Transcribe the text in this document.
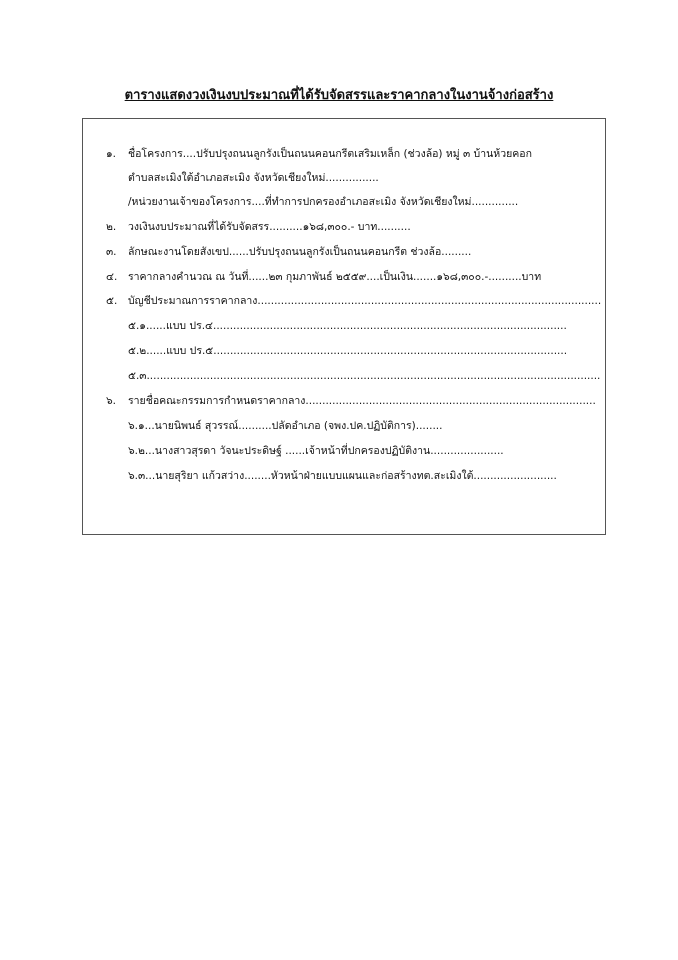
ตารางแสดงวงเงินงบประมาณที่ได้รับจัดสรรและราคากลางในงานจ้างก่อสร้าง
๑. ชื่อโครงการ....ปรับปรุงถนนลูกรังเป็นถนนคอนกรีตเสริมเหล็ก (ช่วงล้อ) หมู่ ๓ บ้านห้วยคอก
ตำบลสะเมิงใต้อำเภอสะเมิง จังหวัดเชียงใหม่................
/หน่วยงานเจ้าของโครงการ....ที่ทำการปกครองอำเภอสะเมิง จังหวัดเชียงใหม่..............
๒. วงเงินงบประมาณที่ได้รับจัดสรร..........๑๖๘,๓๐๐.- บาท..........
๓. ลักษณะงานโดยสังเขป......ปรับปรุงถนนลูกรังเป็นถนนคอนกรีต ช่วงล้อ.........
๔. ราคากลางคำนวณ ณ วันที่......๒๓ กุมภาพันธ์ ๒๕๕๙....เป็นเงิน.......๑๖๘,๓๐๐.-..........บาท
๕. บัญชีประมาณการราคากลาง.......................................................................................................
๕.๑......แบบ ปร.๔..........................................................................................................
๕.๒......แบบ ปร.๕..........................................................................................................
๕.๓........................................................................................................................................
๖. รายชื่อคณะกรรมการกำหนดราคากลาง.......................................................................................
๖.๑...นายนิพนธ์ สุวรรณ์..........ปลัดอำเภอ (จพง.ปค.ปฏิบัติการ)........
๖.๒...นางสาวสุรดา วัจนะประดิษฐ์ ......เจ้าหน้าที่ปกครองปฏิบัติงาน......................
๖.๓...นายสุริยา แก้วสว่าง........หัวหน้าฝ่ายแบบแผนและก่อสร้างทต.สะเมิงใต้.........................
